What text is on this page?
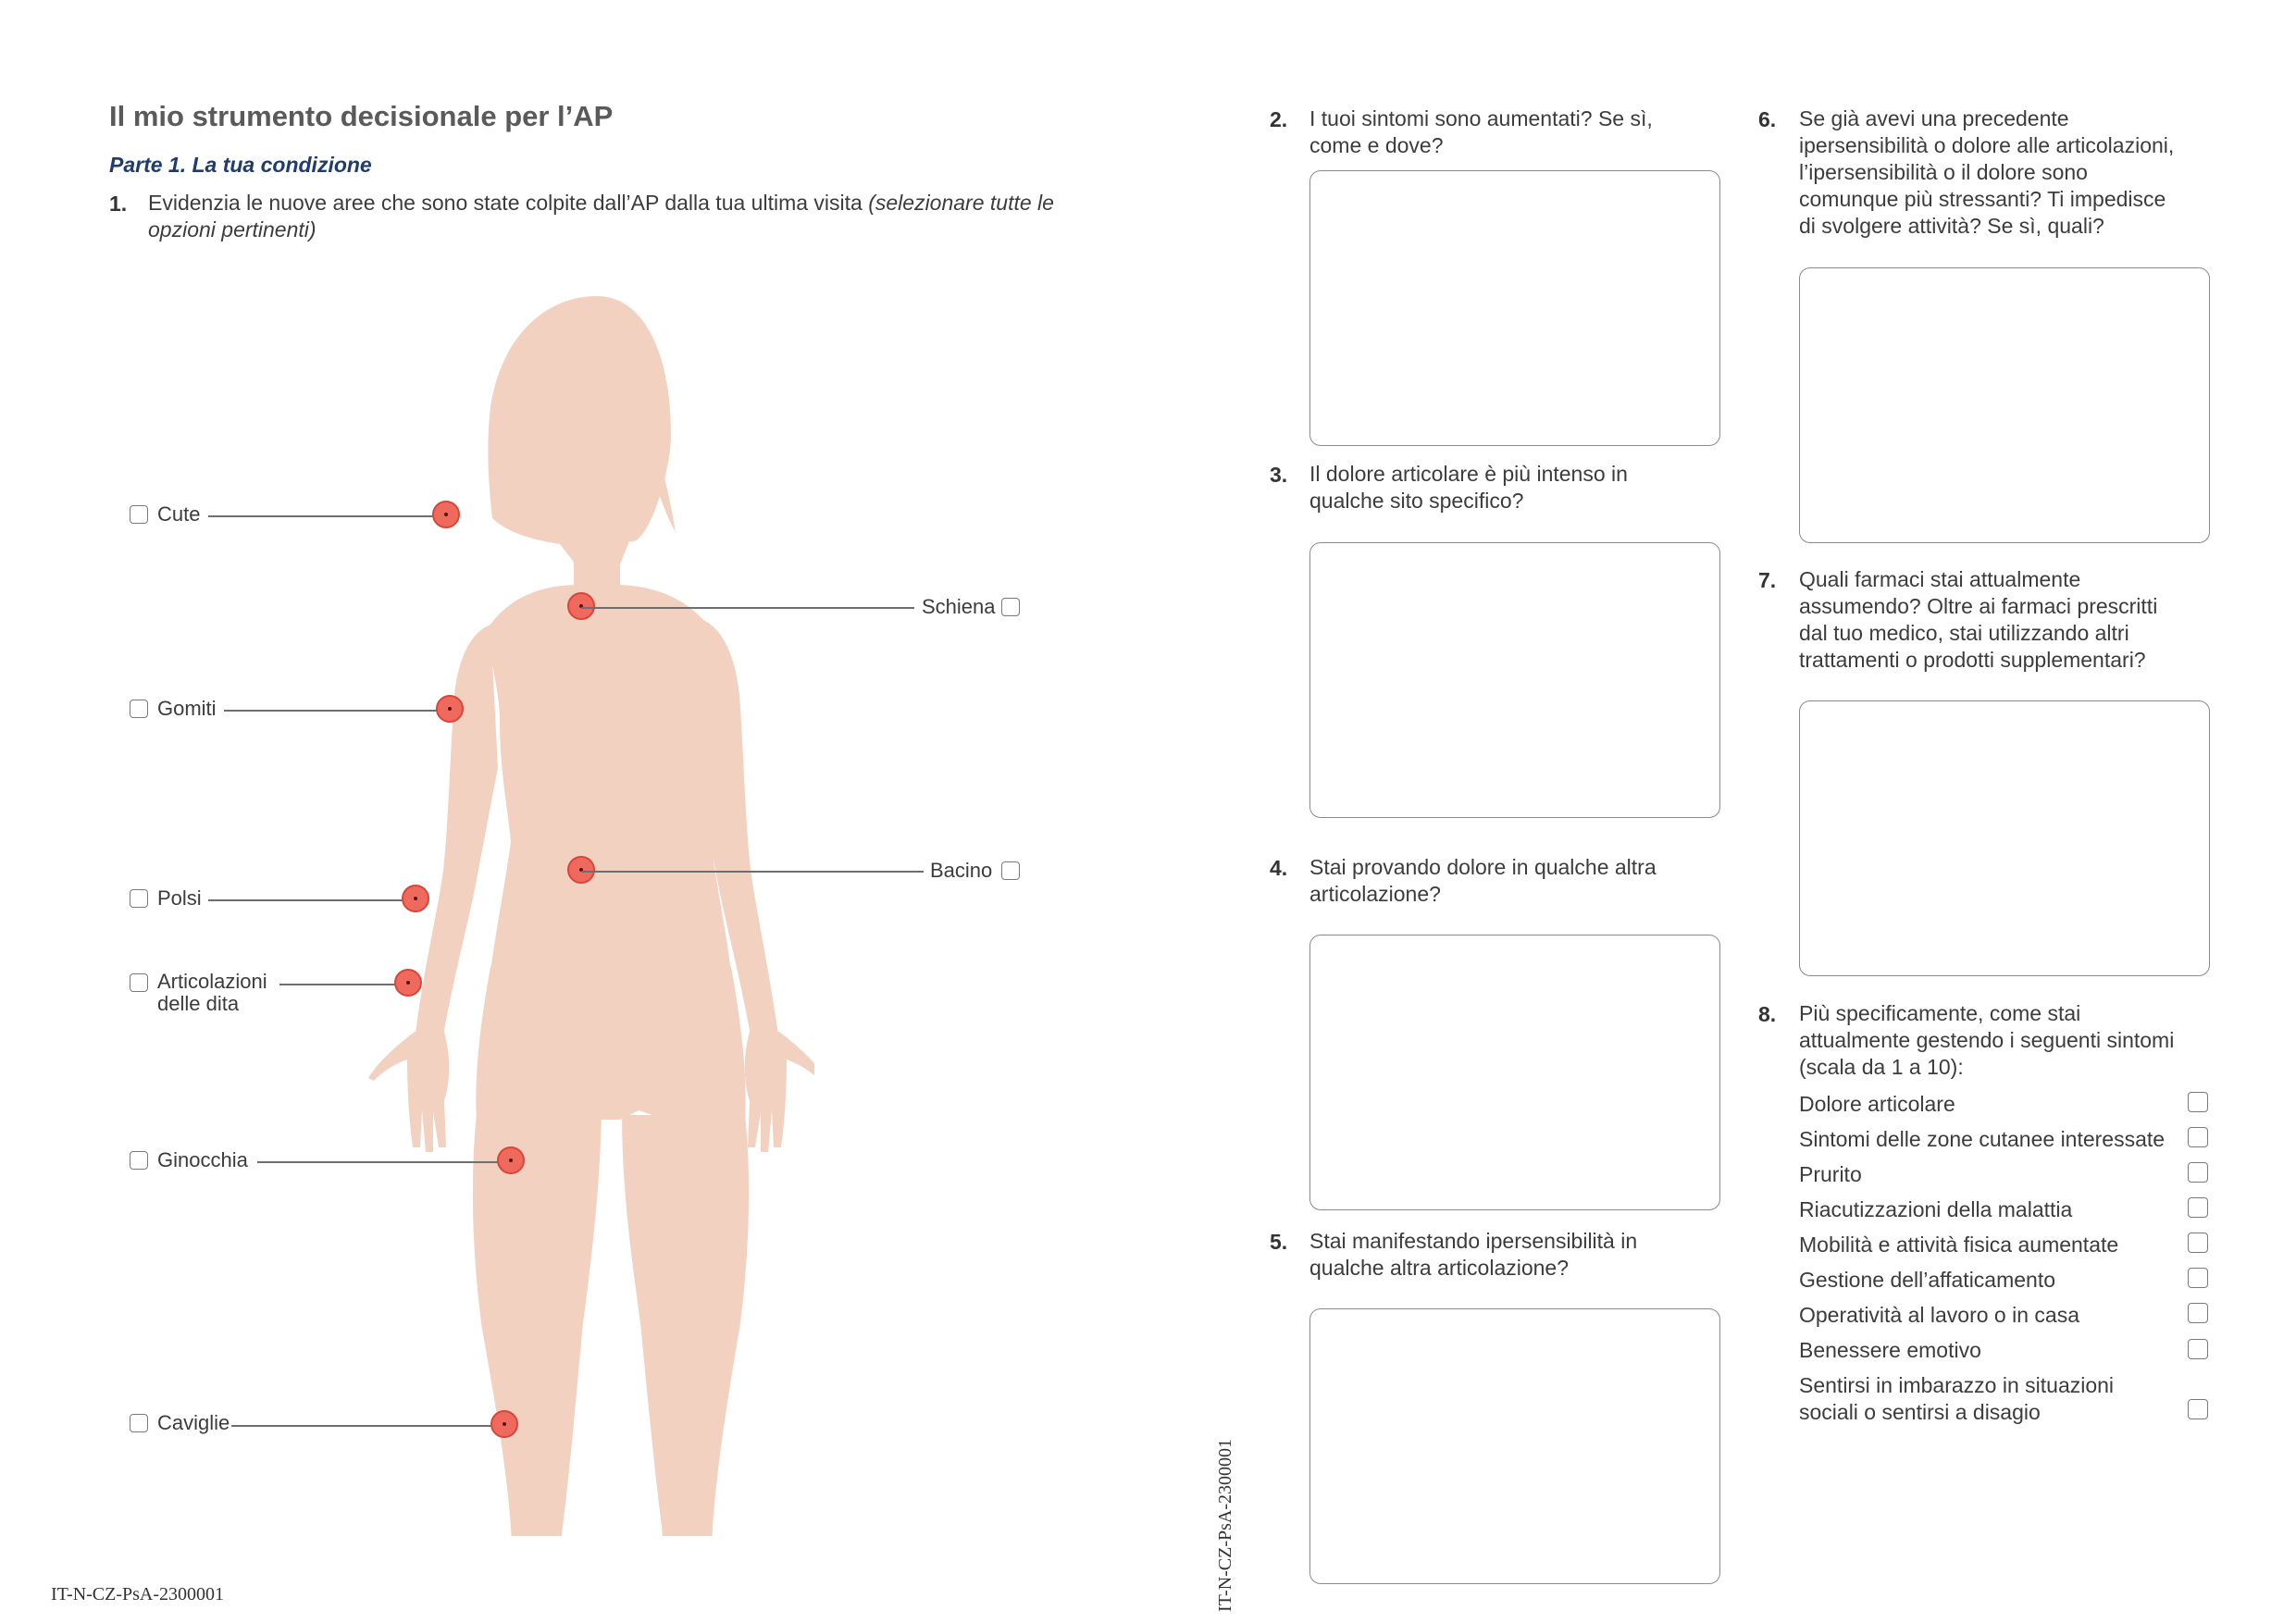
Il mio strumento decisionale per l’AP
Parte 1. La tua condizione
1. Evidenzia le nuove aree che sono state colpite dall’AP dalla tua ultima visita (selezionare tutte le opzioni pertinenti)
Cute
Schiena
Gomiti
Bacino
Polsi
Articolazioni
delle dita
Ginocchia
Caviglie
2. I tuoi sintomi sono aumentati? Se sì,
come e dove?
3. Il dolore articolare è più intenso in
qualche sito specifico?
4. Stai provando dolore in qualche altra
articolazione?
5. Stai manifestando ipersensibilità in
qualche altra articolazione?
6. Se già avevi una precedente
ipersensibilità o dolore alle articolazioni,
l’ipersensibilità o il dolore sono
comunque più stressanti? Ti impedisce
di svolgere attività? Se sì, quali?
7. Quali farmaci stai attualmente
assumendo? Oltre ai farmaci prescritti
dal tuo medico, stai utilizzando altri
trattamenti o prodotti supplementari?
8. Più specificamente, come stai
attualmente gestendo i seguenti sintomi
(scala da 1 a 10):
Dolore articolare
Sintomi delle zone cutanee interessate
Prurito
Riacutizzazioni della malattia
Mobilità e attività fisica aumentate
Gestione dell’affaticamento
Operatività al lavoro o in casa
Benessere emotivo
Sentirsi in imbarazzo in situazioni
sociali o sentirsi a disagio
IT-N-CZ-PsA-2300001	IT-N-CZ-PsA-2300001
